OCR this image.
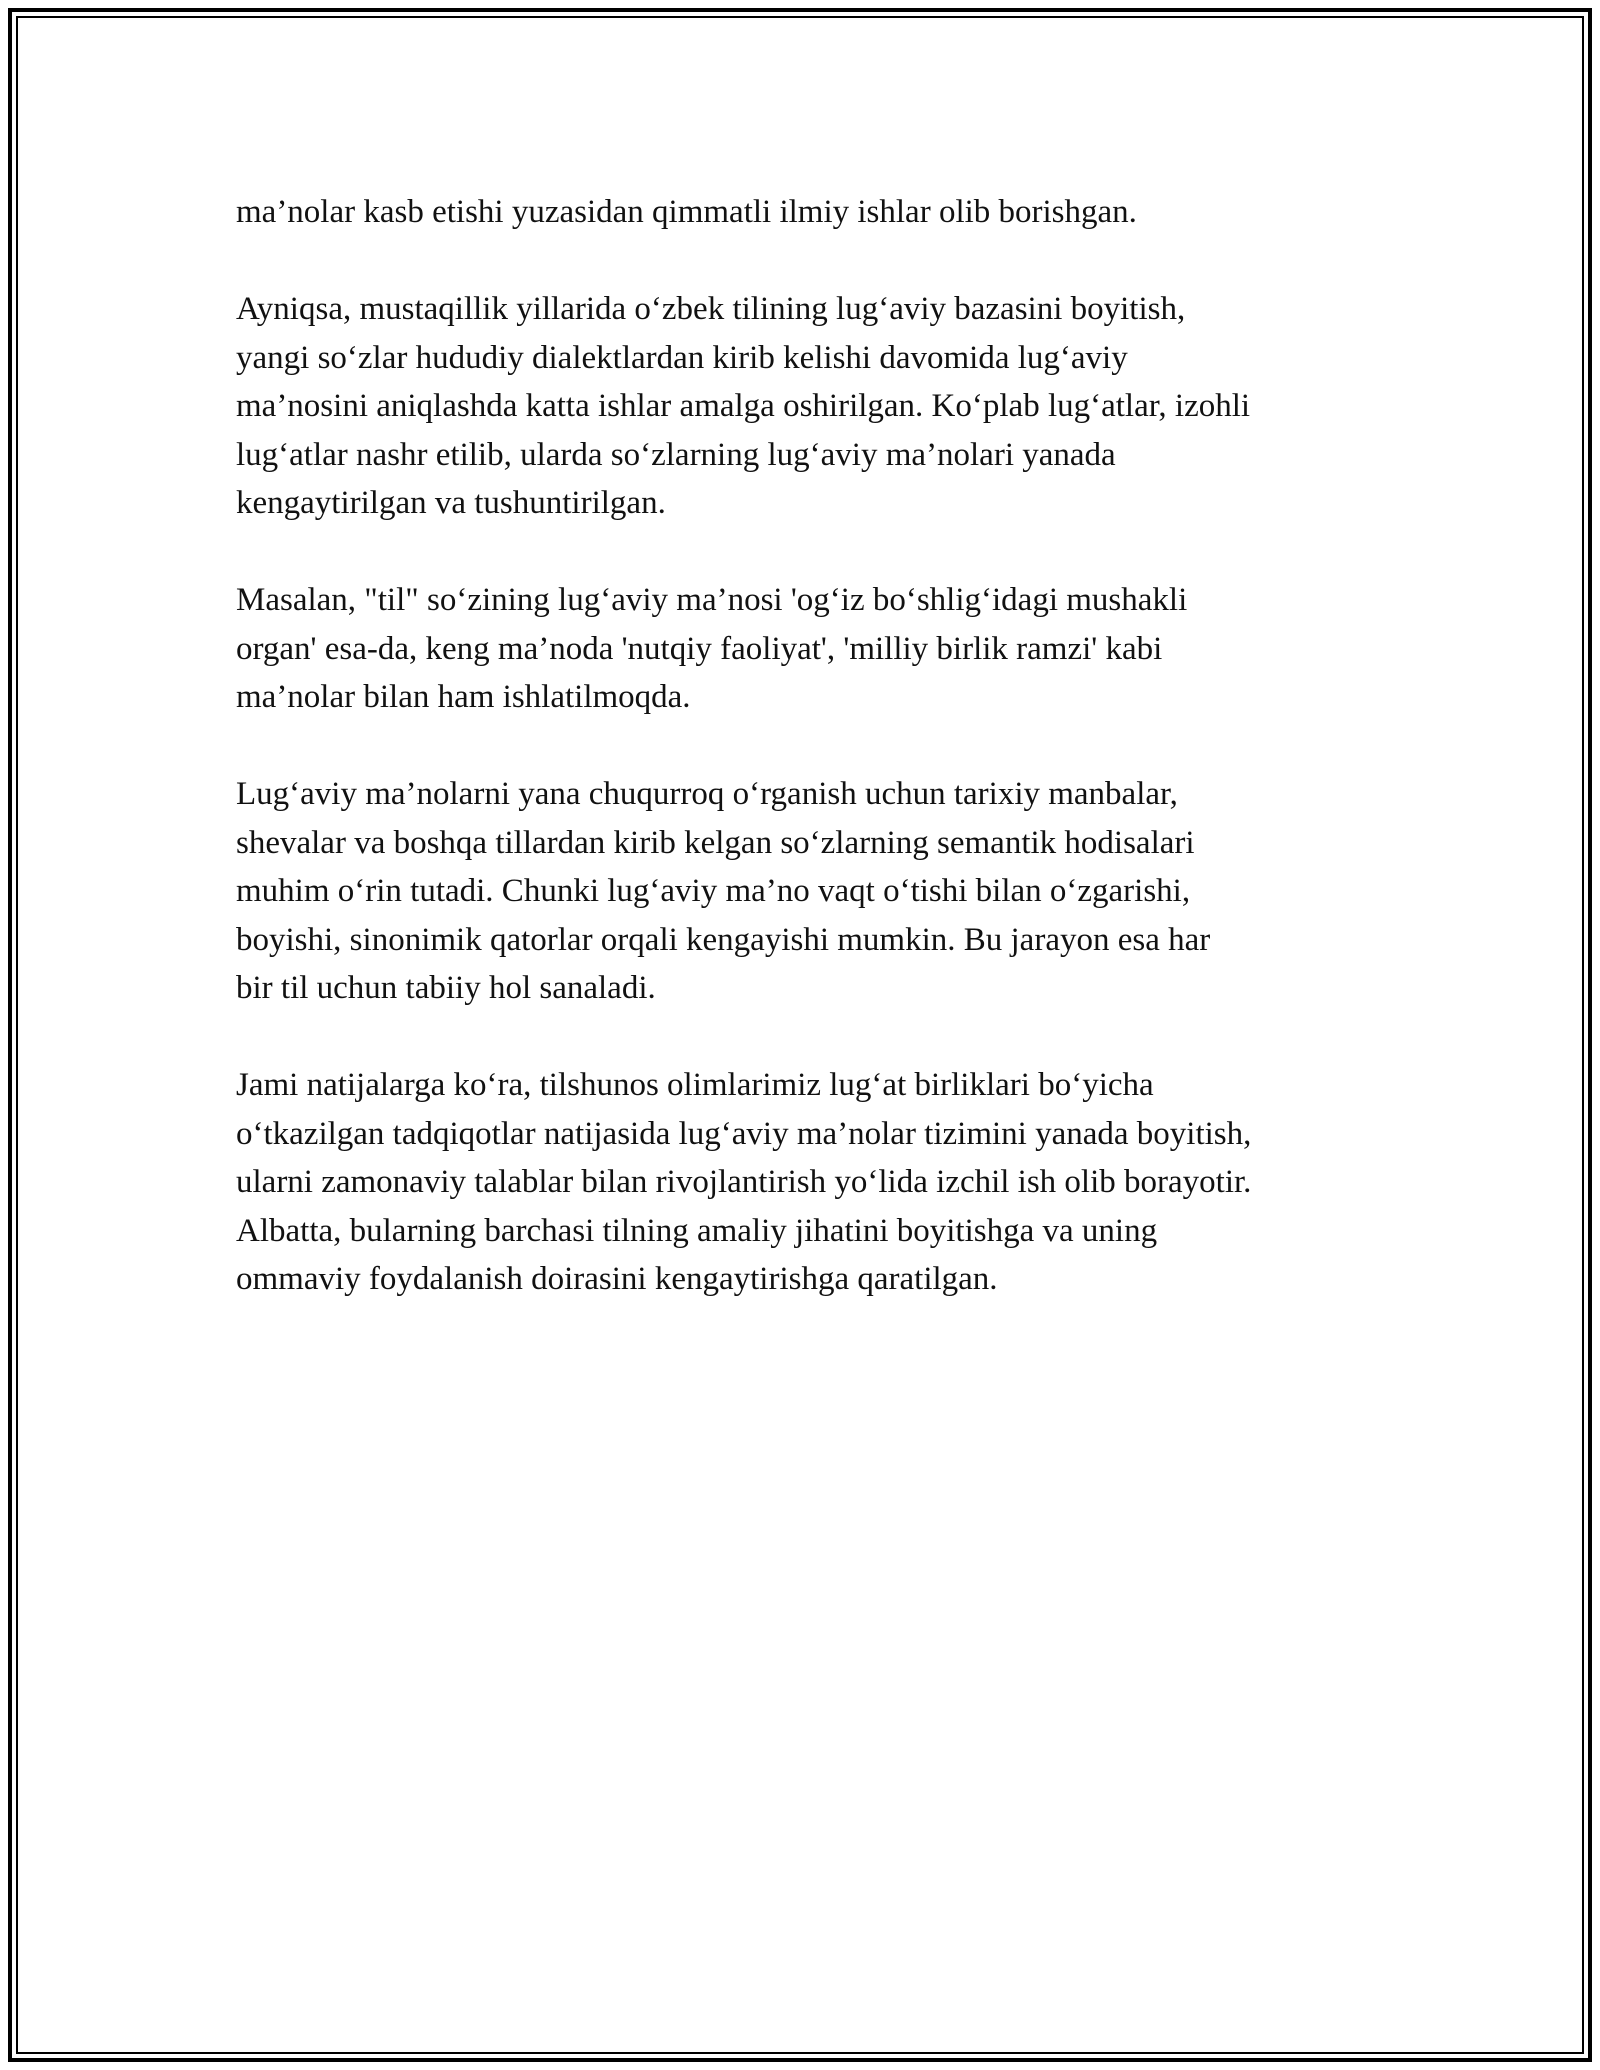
ma’nolar kasb etishi yuzasidan qimmatli ilmiy ishlar olib borishgan.

Ayniqsa, mustaqillik yillarida o‘zbek tilining lug‘aviy bazasini boyitish,
yangi so‘zlar hududiy dialektlardan kirib kelishi davomida lug‘aviy
ma’nosini aniqlashda katta ishlar amalga oshirilgan. Ko‘plab lug‘atlar, izohli
lug‘atlar nashr etilib, ularda so‘zlarning lug‘aviy ma’nolari yanada
kengaytirilgan va tushuntirilgan.

Masalan, "til" so‘zining lug‘aviy ma’nosi 'og‘iz bo‘shlig‘idagi mushakli
organ' esa-da, keng ma’noda 'nutqiy faoliyat', 'milliy birlik ramzi' kabi
ma’nolar bilan ham ishlatilmoqda.

Lug‘aviy ma’nolarni yana chuqurroq o‘rganish uchun tarixiy manbalar,
shevalar va boshqa tillardan kirib kelgan so‘zlarning semantik hodisalari
muhim o‘rin tutadi. Chunki lug‘aviy ma’no vaqt o‘tishi bilan o‘zgarishi,
boyishi, sinonimik qatorlar orqali kengayishi mumkin. Bu jarayon esa har
bir til uchun tabiiy hol sanaladi.

Jami natijalarga ko‘ra, tilshunos olimlarimiz lug‘at birliklari bo‘yicha
o‘tkazilgan tadqiqotlar natijasida lug‘aviy ma’nolar tizimini yanada boyitish,
ularni zamonaviy talablar bilan rivojlantirish yo‘lida izchil ish olib borayotir.
Albatta, bularning barchasi tilning amaliy jihatini boyitishga va uning
ommaviy foydalanish doirasini kengaytirishga qaratilgan.
